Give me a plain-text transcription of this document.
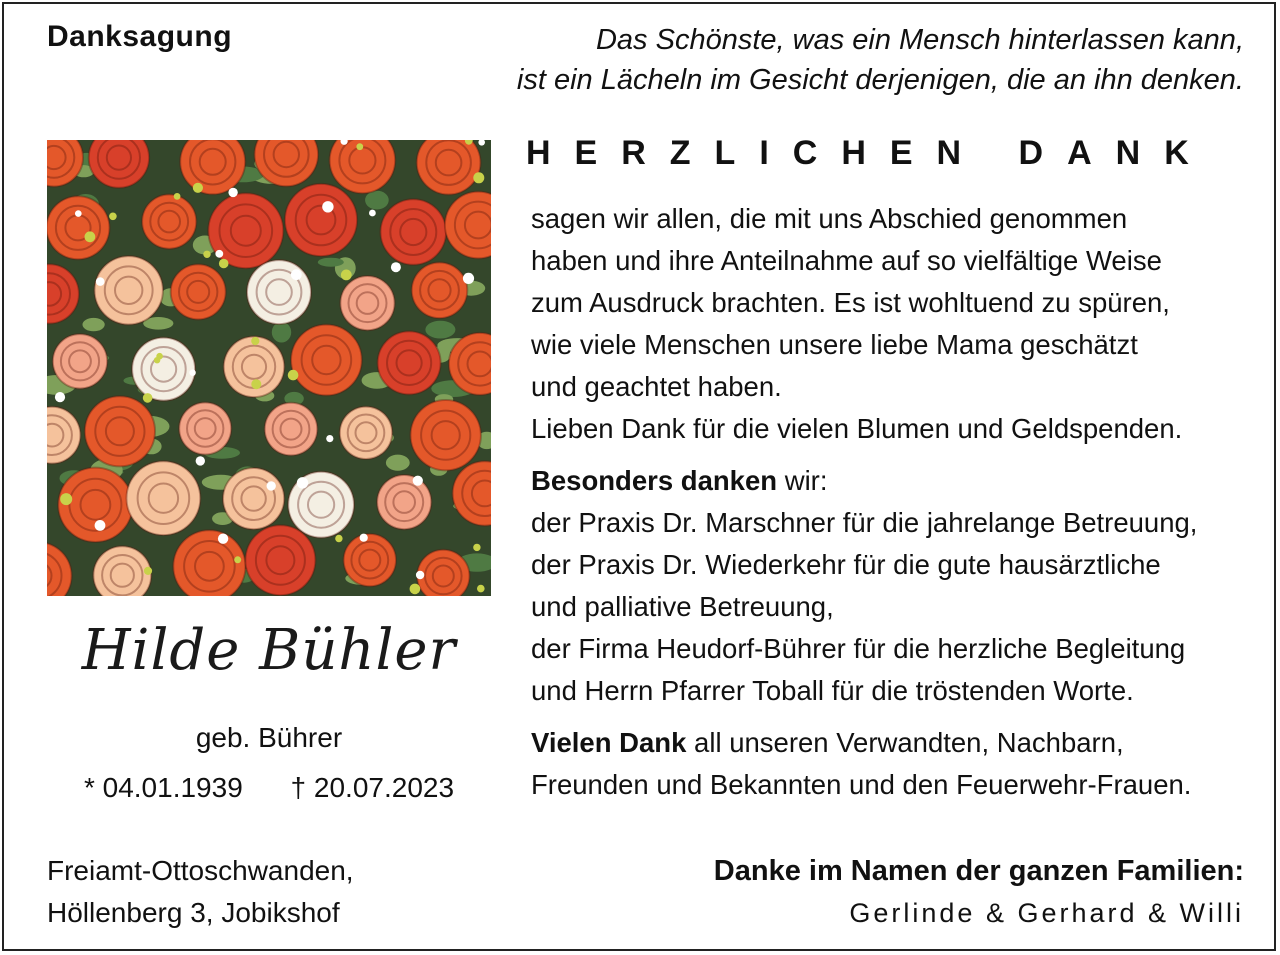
Danksagung	Das Schönste, was ein Mensch hinterlassen kann,
ist ein Lächeln im Gesicht derjenigen, die an ihn denken.
Hilde Bühler
geb. Bührer
* 04.01.1939 † 20.07.2023
HERZLICHEN DANK

sagen wir allen, die mit uns Abschied genommen
haben und ihre Anteilnahme auf so vielfältige Weise
zum Ausdruck brachten. Es ist wohltuend zu spüren,
wie viele Menschen unsere liebe Mama geschätzt
und geachtet haben.
Lieben Dank für die vielen Blumen und Geldspenden.

Besonders danken wir:
der Praxis Dr. Marschner für die jahrelange Betreuung,
der Praxis Dr. Wiederkehr für die gute hausärztliche
und palliative Betreuung,
der Firma Heudorf-Bührer für die herzliche Begleitung
und Herrn Pfarrer Toball für die tröstenden Worte.

Vielen Dank all unseren Verwandten, Nachbarn,
Freunden und Bekannten und den Feuerwehr-Frauen.

Freiamt-Ottoschwanden,
Höllenberg 3, Jobikshof
Danke im Namen der ganzen Familien:
Gerlinde & Gerhard & Willi
